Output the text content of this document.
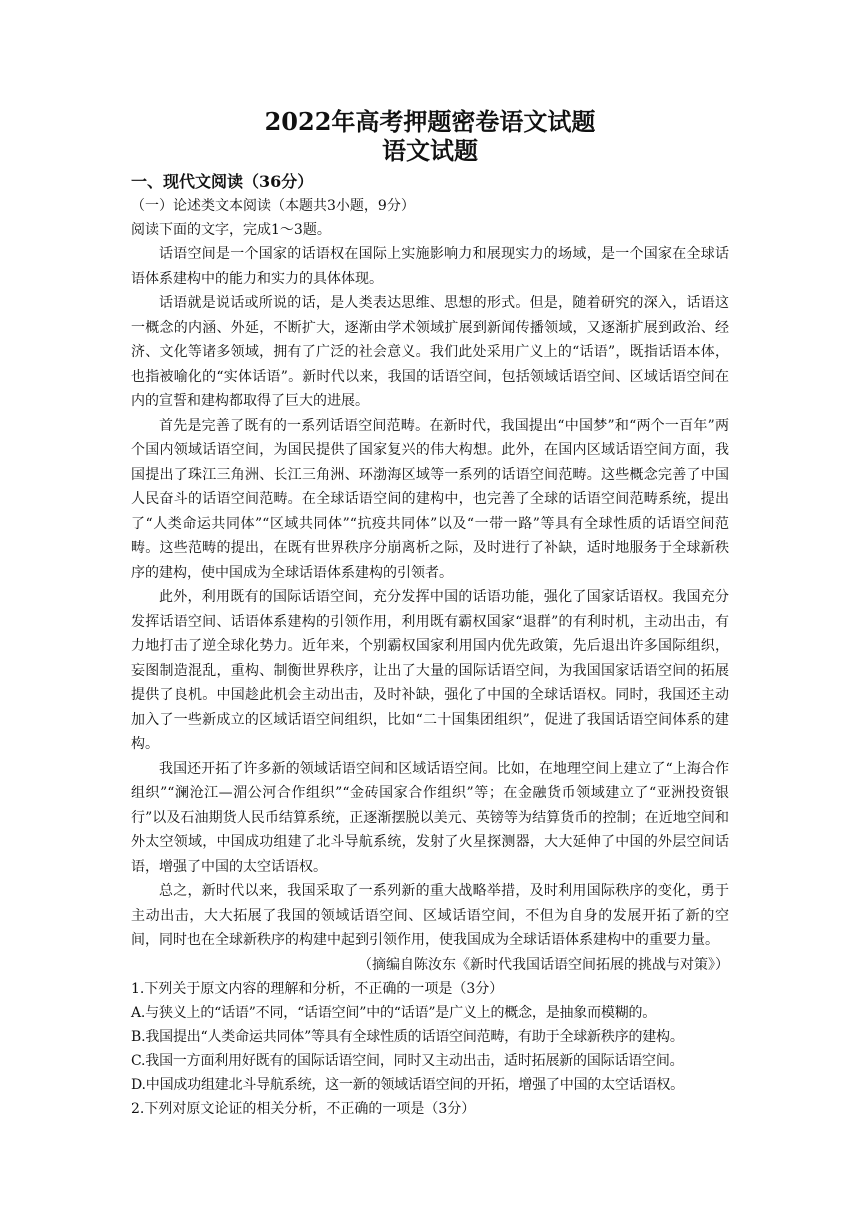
2022年高考押题密卷语文试题
语文试题

一、现代文阅读（36分）

（一）论述类文本阅读（本题共3小题，9分）

阅读下面的文字，完成1～3题。

话语空间是一个国家的话语权在国际上实施影响力和展现实力的场域，是一个国家在全球话语体系建构中的能力和实力的具体体现。

话语就是说话或所说的话，是人类表达思维、思想的形式。但是，随着研究的深入，话语这一概念的内涵、外延，不断扩大，逐渐由学术领域扩展到新闻传播领域，又逐渐扩展到政治、经济、文化等诸多领域，拥有了广泛的社会意义。我们此处采用广义上的“话语”，既指话语本体，也指被喻化的“实体话语”。新时代以来，我国的话语空间，包括领域话语空间、区域话语空间在内的宣誓和建构都取得了巨大的进展。

首先是完善了既有的一系列话语空间范畴。在新时代，我国提出“中国梦”和“两个一百年”两个国内领域话语空间，为国民提供了国家复兴的伟大构想。此外，在国内区域话语空间方面，我国提出了珠江三角洲、长江三角洲、环渤海区域等一系列的话语空间范畴。这些概念完善了中国人民奋斗的话语空间范畴。在全球话语空间的建构中，也完善了全球的话语空间范畴系统，提出了“人类命运共同体”“区域共同体”“抗疫共同体”以及“一带一路”等具有全球性质的话语空间范畴。这些范畴的提出，在既有世界秩序分崩离析之际，及时进行了补缺，适时地服务于全球新秩序的建构，使中国成为全球话语体系建构的引领者。

此外，利用既有的国际话语空间，充分发挥中国的话语功能，强化了国家话语权。我国充分发挥话语空间、话语体系建构的引领作用，利用既有霸权国家“退群”的有利时机，主动出击，有力地打击了逆全球化势力。近年来，个别霸权国家利用国内优先政策，先后退出许多国际组织，妄图制造混乱，重构、制衡世界秩序，让出了大量的国际话语空间，为我国国家话语空间的拓展提供了良机。中国趁此机会主动出击，及时补缺，强化了中国的全球话语权。同时，我国还主动加入了一些新成立的区域话语空间组织，比如“二十国集团组织”，促进了我国话语空间体系的建构。

我国还开拓了许多新的领域话语空间和区域话语空间。比如，在地理空间上建立了“上海合作组织”“澜沧江—湄公河合作组织”“金砖国家合作组织”等；在金融货币领域建立了“亚洲投资银行”以及石油期货人民币结算系统，正逐渐摆脱以美元、英镑等为结算货币的控制；在近地空间和外太空领域，中国成功组建了北斗导航系统，发射了火星探测器，大大延伸了中国的外层空间话语，增强了中国的太空话语权。

总之，新时代以来，我国采取了一系列新的重大战略举措，及时利用国际秩序的变化，勇于主动出击，大大拓展了我国的领域话语空间、区域话语空间，不但为自身的发展开拓了新的空间，同时也在全球新秩序的构建中起到引领作用，使我国成为全球话语体系建构中的重要力量。

（摘编自陈汝东《新时代我国话语空间拓展的挑战与对策》）

1.下列关于原文内容的理解和分析，不正确的一项是（3分）

A.与狭义上的“话语”不同，“话语空间”中的“话语”是广义上的概念，是抽象而模糊的。

B.我国提出“人类命运共同体”等具有全球性质的话语空间范畴，有助于全球新秩序的建构。

C.我国一方面利用好既有的国际话语空间，同时又主动出击，适时拓展新的国际话语空间。

D.中国成功组建北斗导航系统，这一新的领域话语空间的开拓，增强了中国的太空话语权。

2.下列对原文论证的相关分析，不正确的一项是（3分）
